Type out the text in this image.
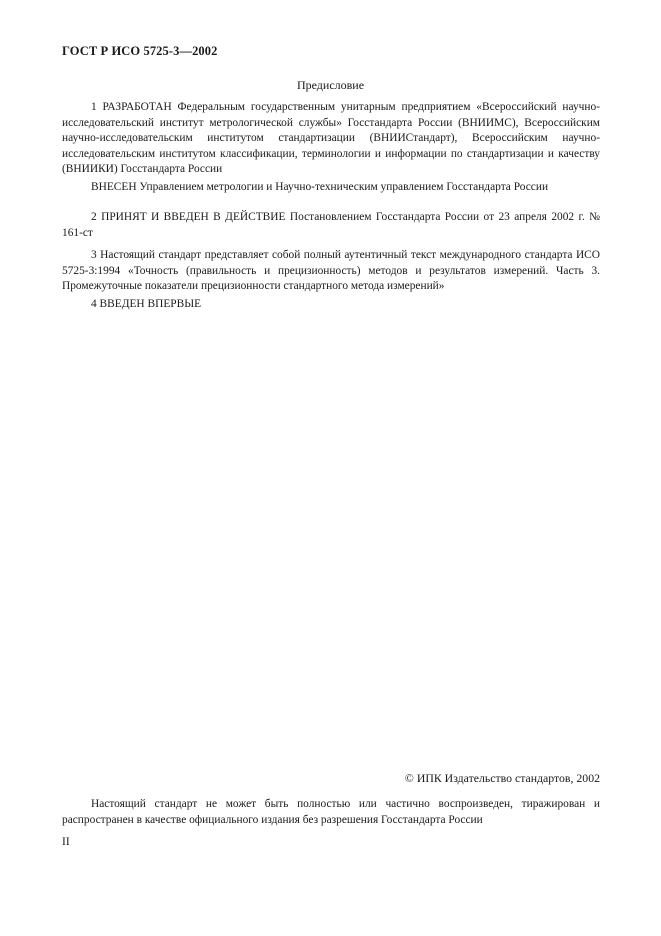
ГОСТ Р ИСО 5725-3—2002
Предисловие

1 РАЗРАБОТАН Федеральным государственным унитарным предприятием «Всероссийский научно-исследовательский институт метрологической службы» Госстандарта России (ВНИИМС), Всероссийским научно-исследовательским институтом стандартизации (ВНИИСтандарт), Всероссийским научно-исследовательским институтом классификации, терминологии и информации по стандартизации и качеству (ВНИИКИ) Госстандарта России

ВНЕСЕН Управлением метрологии и Научно-техническим управлением Госстандарта России

2 ПРИНЯТ И ВВЕДЕН В ДЕЙСТВИЕ Постановлением Госстандарта России от 23 апреля 2002 г. № 161-ст

3 Настоящий стандарт представляет собой полный аутентичный текст международного стандарта ИСО 5725-3:1994 «Точность (правильность и прецизионность) методов и результатов измерений. Часть 3. Промежуточные показатели прецизионности стандартного метода измерений»

4 ВВЕДЕН ВПЕРВЫЕ

© ИПК Издательство стандартов, 2002

Настоящий стандарт не может быть полностью или частично воспроизведен, тиражирован и распространен в качестве официального издания без разрешения Госстандарта России

II
